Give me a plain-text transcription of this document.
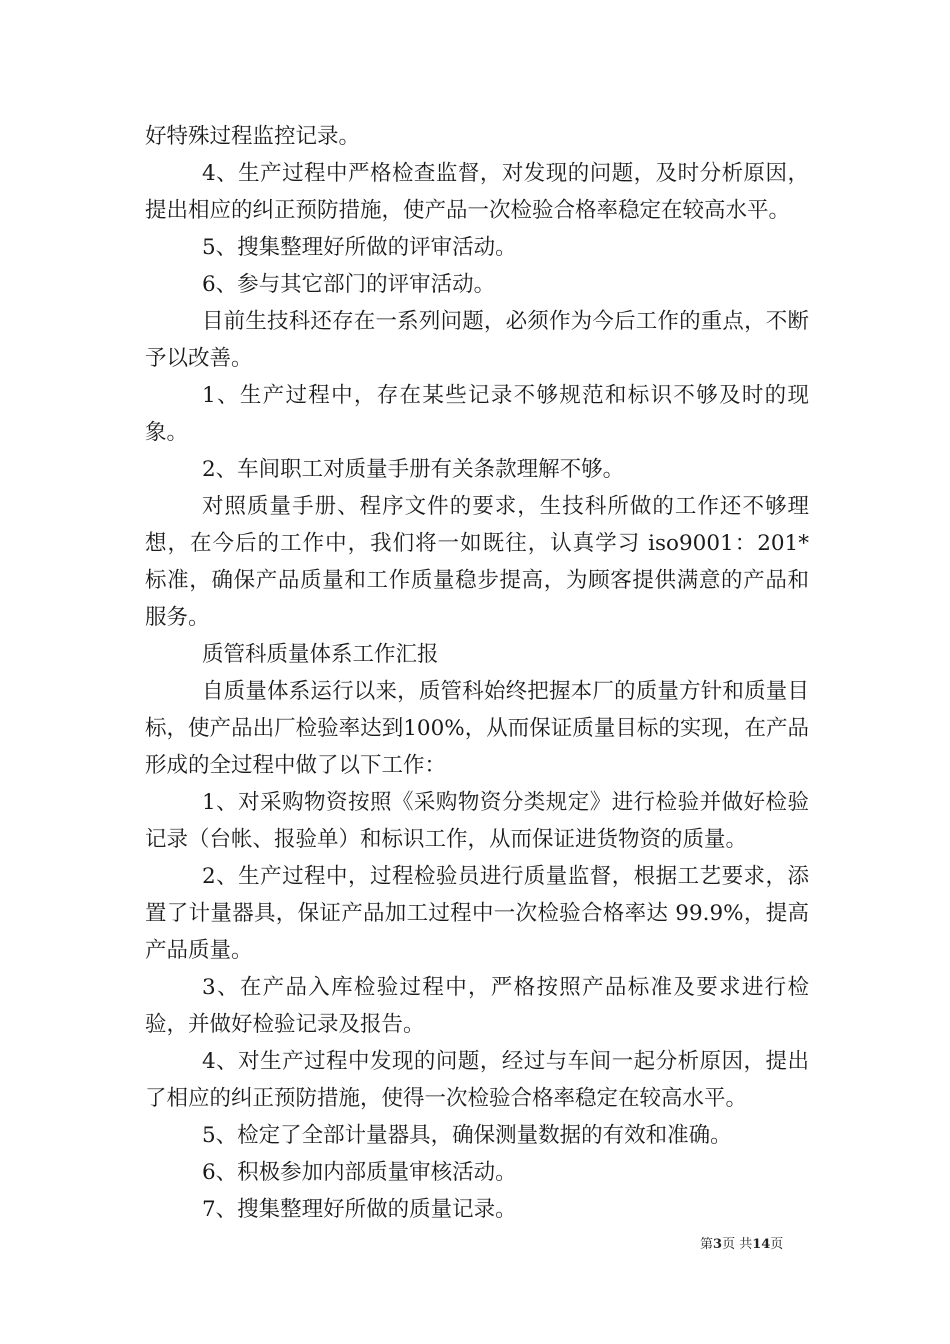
好特殊过程监控记录。

4、生产过程中严格检查监督，对发现的问题，及时分析原因，提出相应的纠正预防措施，使产品一次检验合格率稳定在较高水平。

5、搜集整理好所做的评审活动。

6、参与其它部门的评审活动。

目前生技科还存在一系列问题，必须作为今后工作的重点，不断予以改善。

1、生产过程中，存在某些记录不够规范和标识不够及时的现象。

2、车间职工对质量手册有关条款理解不够。

对照质量手册、程序文件的要求，生技科所做的工作还不够理想，在今后的工作中，我们将一如既往，认真学习 iso9001：201* 标准，确保产品质量和工作质量稳步提高，为顾客提供满意的产品和服务。

质管科质量体系工作汇报

自质量体系运行以来，质管科始终把握本厂的质量方针和质量目标，使产品出厂检验率达到100%，从而保证质量目标的实现，在产品形成的全过程中做了以下工作：

1、对采购物资按照《采购物资分类规定》进行检验并做好检验记录（台帐、报验单）和标识工作，从而保证进货物资的质量。

2、生产过程中，过程检验员进行质量监督，根据工艺要求，添置了计量器具，保证产品加工过程中一次检验合格率达 99.9%，提高产品质量。

3、在产品入库检验过程中，严格按照产品标准及要求进行检验，并做好检验记录及报告。

4、对生产过程中发现的问题，经过与车间一起分析原因，提出了相应的纠正预防措施，使得一次检验合格率稳定在较高水平。

5、检定了全部计量器具，确保测量数据的有效和准确。

6、积极参加内部质量审核活动。

7、搜集整理好所做的质量记录。

第3页 共14页
